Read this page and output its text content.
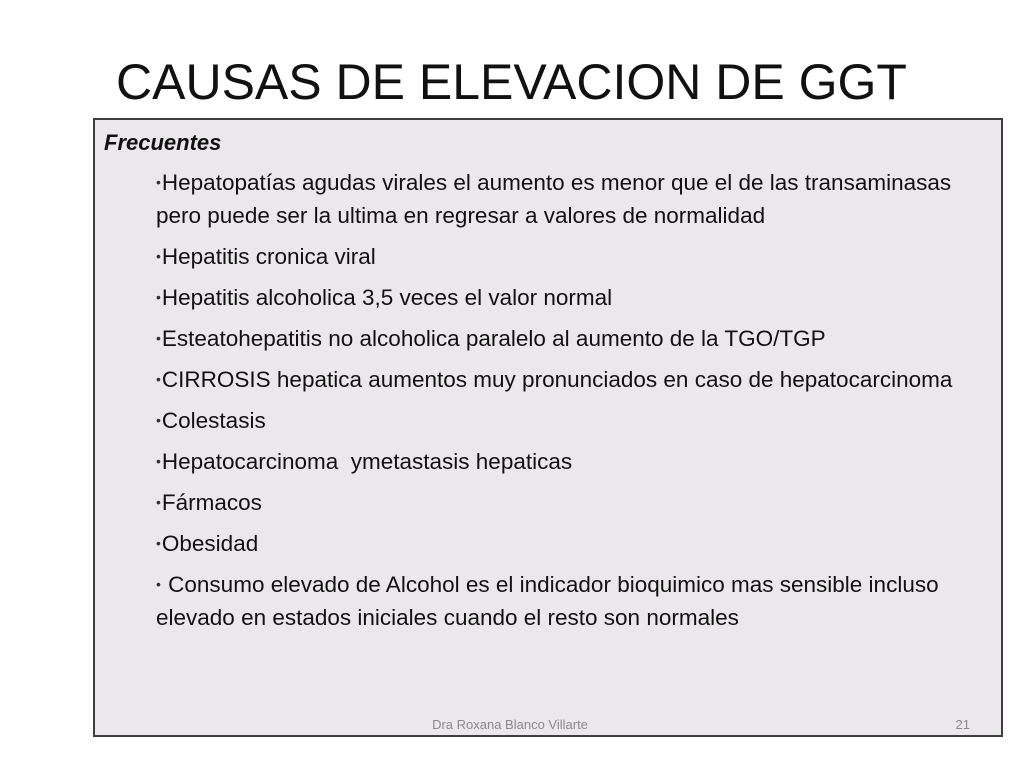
CAUSAS DE ELEVACION DE GGT

Frecuentes

•Hepatopatías agudas virales el aumento es menor que el de las transaminasas pero puede ser la ultima en regresar a valores de normalidad
•Hepatitis cronica viral
•Hepatitis alcoholica 3,5 veces el valor normal
•Esteatohepatitis no alcoholica paralelo al aumento de la TGO/TGP
•CIRROSIS hepatica aumentos muy pronunciados en caso de hepatocarcinoma
•Colestasis
•Hepatocarcinoma  ymetastasis hepaticas
•Fármacos
•Obesidad
• Consumo elevado de Alcohol es el indicador bioquimico mas sensible incluso elevado en estados iniciales cuando el resto son normales
Dra Roxana Blanco Villarte	21
